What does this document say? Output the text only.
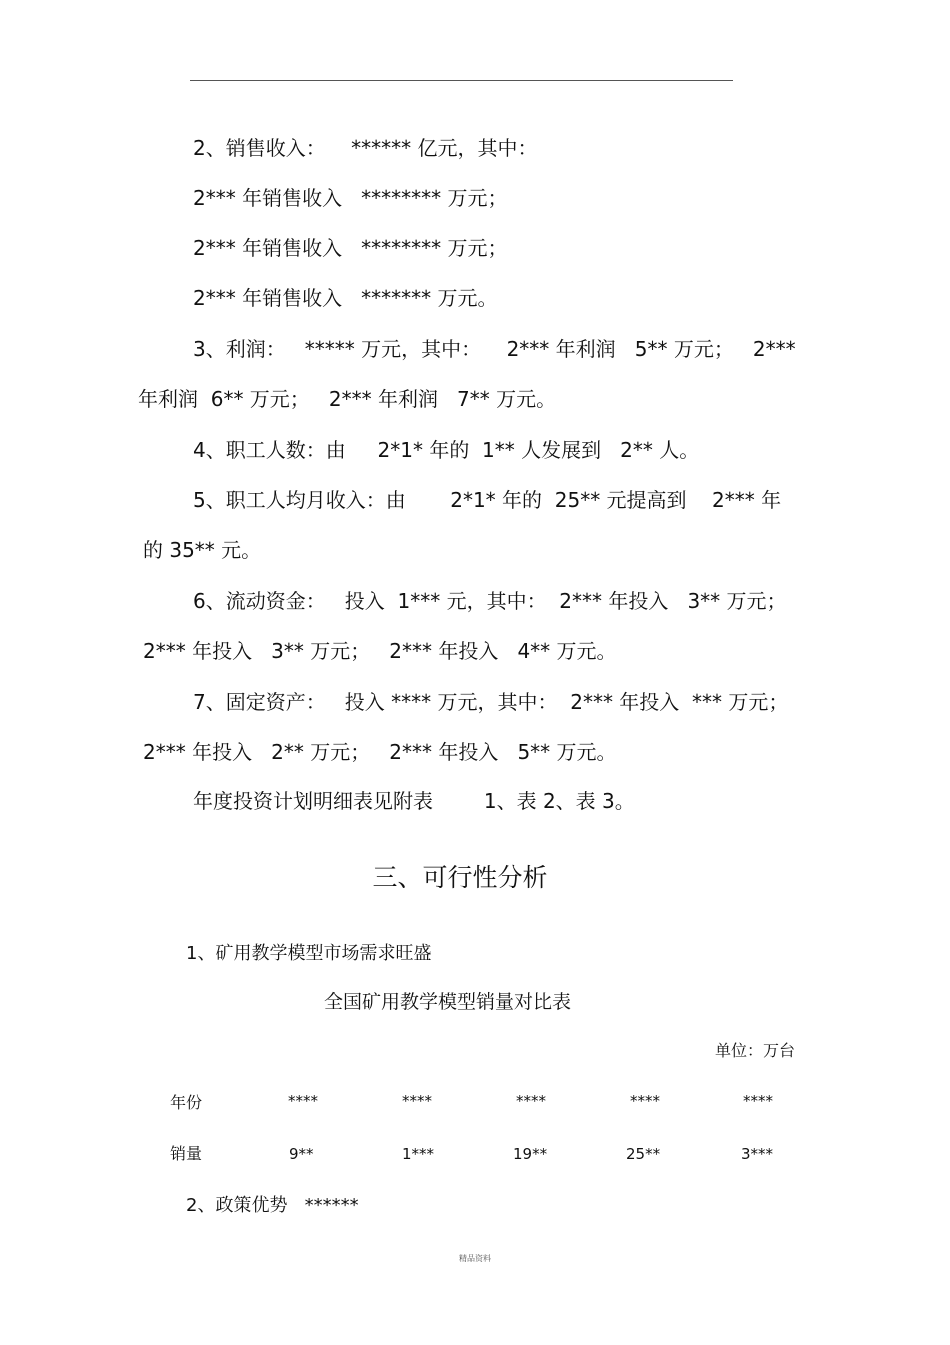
2、销售收入：    ****** 亿元，其中：
2*** 年销售收入   ******** 万元；
2*** 年销售收入   ******** 万元；
2*** 年销售收入   ******* 万元。
3、利润：   ***** 万元，其中：    2*** 年利润   5** 万元；   2***
年利润  6** 万元；   2*** 年利润   7** 万元。
4、职工人数：由     2*1* 年的  1** 人发展到   2** 人。
5、职工人均月收入：由       2*1* 年的  25** 元提高到    2*** 年
的 35** 元。
6、流动资金：   投入  1*** 元，其中：  2*** 年投入   3** 万元；
2*** 年投入   3** 万元；   2*** 年投入   4** 万元。
7、固定资产：   投入 **** 万元，其中：  2*** 年投入  *** 万元；
2*** 年投入   2** 万元；   2*** 年投入   5** 万元。
年度投资计划明细表见附表        1、表 2、表 3。
三、可行性分析
1、矿用教学模型市场需求旺盛
全国矿用教学模型销量对比表
单位：万台
年份	****	****	****	****	****
销量	9**	1***	19**	25**	3***
2、政策优势   ******
精品资料
